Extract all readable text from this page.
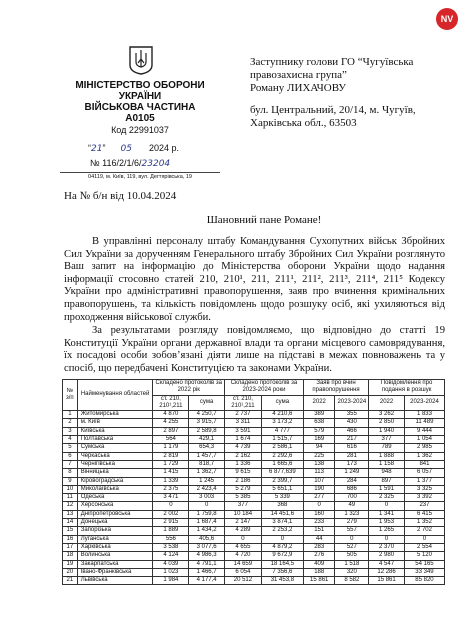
NV
МІНІСТЕРСТВО ОБОРОНИ
УКРАЇНИ
ВІЙСЬКОВА ЧАСТИНА
А0105
Код 22991037
“21” 05 2024 р.
№ 116/2/1/6/23204
04119, м. Київ, 119, вул. Дегтярівська, 19
Заступнику голови ГО “Чугуївська
правозахисна група”
Роману ЛИХАЧОВУ
бул. Центральний, 20/14, м. Чугуїв,
Харківська обл., 63503
На № б/н від 10.04.2024
Шановний пане Романе!
В управлінні персоналу штабу Командування Сухопутних військ Збройних Сил України за дорученням Генерального штабу Збройних Сил України розглянуто Ваш запит на інформацію до Міністерства оборони України щодо надання інформації стосовно статей 210, 210¹, 211, 211¹, 211², 211³, 211⁴, 211⁵ Кодексу України про адміністративні правопорушення, заяв про вчинення кримінальних правопорушень, та кількість повідомлень щодо розшуку осіб, які ухиляються від проходження військової служби.
За результатами розгляду повідомляємо, що відповідно до статті 19 Конституції України органи державної влади та органи місцевого самоврядування, їх посадові особи зобов’язані діяти лише на підставі в межах повноважень та у спосіб, що передбачені Конституцією та законами України.
№ з/п	Найменування областей	Складено протоколів за 2022 рік		Складено протоколів за 2023-2024 роки		Заяв про вчин правопорушення		Повідомлення про подання в розшук	
		ст. 210, 210¹,211	сума	ст. 210, 210¹,211	сума	2022	2023-2024	2022	2023-2024
1	Житомирська	4 870	4 250,7	2 737	4 210,6	389	355	3 262	1 833
2	м. Київ	4 255	3 915,7	3 311	3 173,2	638	430	2 850	11 489
3	Київська	2 897	2 589,8	3 591	4 777	579	466	1 940	9 444
4	Полтавська	564	429,1	1 674	1 515,7	169	217	377	1 054
5	Сумська	1 179	654,3	4 739	2 586,1	94	616	789	2 985
6	Черкаська	2 819	1 457,7	2 162	2 292,6	225	281	1 888	1 362
7	Чернігівська	1 729	818,7	1 336	1 665,6	138	173	1 158	841
8	Вінницька	1 415	1 362,7	9 615	6 877,639	113	1 249	948	6 057
9	Кіровоградська	1 339	1 245	2 186	2 399,7	107	284	897	1 377
10	Миколаївська	2 375	2 423,4	5 279	5 651,1	190	686	1 591	3 325
11	Одеська	3 471	3 003	5 385	5 339	277	700	2 325	3 392
12	Херсонська	0	0	377	368	0	49	0	237
13	Дніпропетровська	2 002	1 759,8	10 184	14 451,6	160	1 323	1 341	6 415
14	Донецька	2 915	1 687,4	2 147	3 874,1	233	279	1 953	1 352
15	Запорізька	1 889	1 434,2	4 289	2 253,2	151	557	1 265	2 702
16	Луганська	556	405,6	0	0	44	0	0	0
17	Харківська	3 538	3 077,6	4 655	4 879,2	283	527	2 370	2 554
18	Волинська	4 124	4 986,3	4 720	9 672,9	276	505	2 980	5 120
19	Закарпатська	4 039	4 791,1	14 659	18 164,5	409	1 518	4 547	54 165
20	Івано-Франківська	1 023	1 466,7	6 054	7 356,6	188	320	12 286	33 349
21	Львівська	1 984	4 177,4	20 512	31 453,8	15 861	8 582	15 861	85 820
